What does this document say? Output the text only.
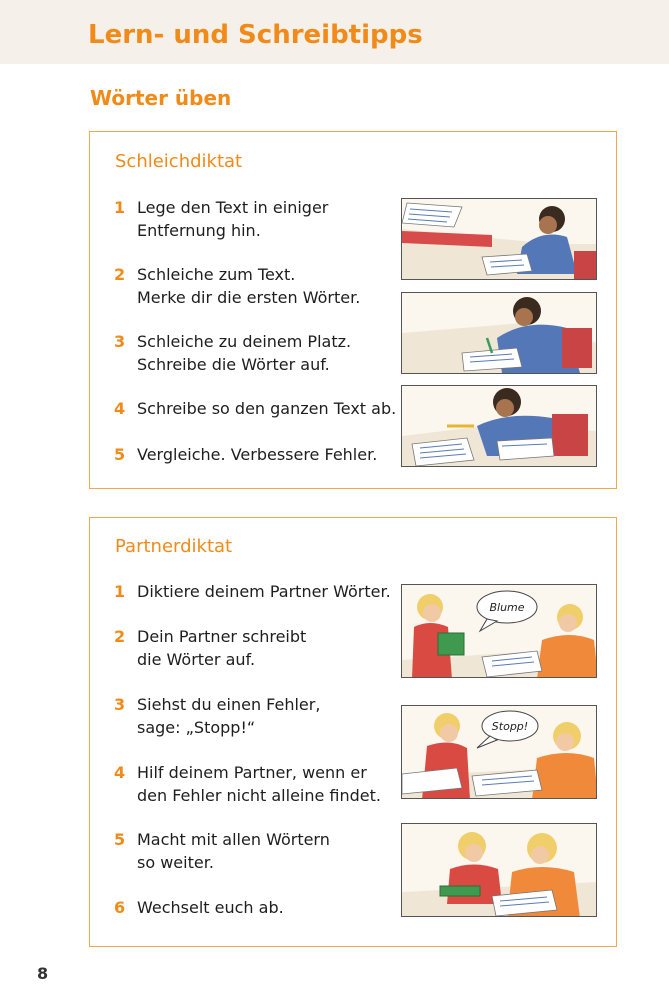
Lern- und Schreibtipps
Wörter üben
Schleichdiktat
1 Lege den Text in einiger
Entfernung hin.
2 Schleiche zum Text.
Merke dir die ersten Wörter.
3 Schleiche zu deinem Platz.
Schreibe die Wörter auf.
4 Schreibe so den ganzen Text ab.
5 Vergleiche. Verbessere Fehler.
Partnerdiktat
1 Diktiere deinem Partner Wörter.
2 Dein Partner schreibt
die Wörter auf.
3 Siehst du einen Fehler,
sage: „Stopp!“
4 Hilf deinem Partner, wenn er
den Fehler nicht alleine findet.
5 Macht mit allen Wörtern
so weiter.
6 Wechselt euch ab.
Blume
Stopp!
8
